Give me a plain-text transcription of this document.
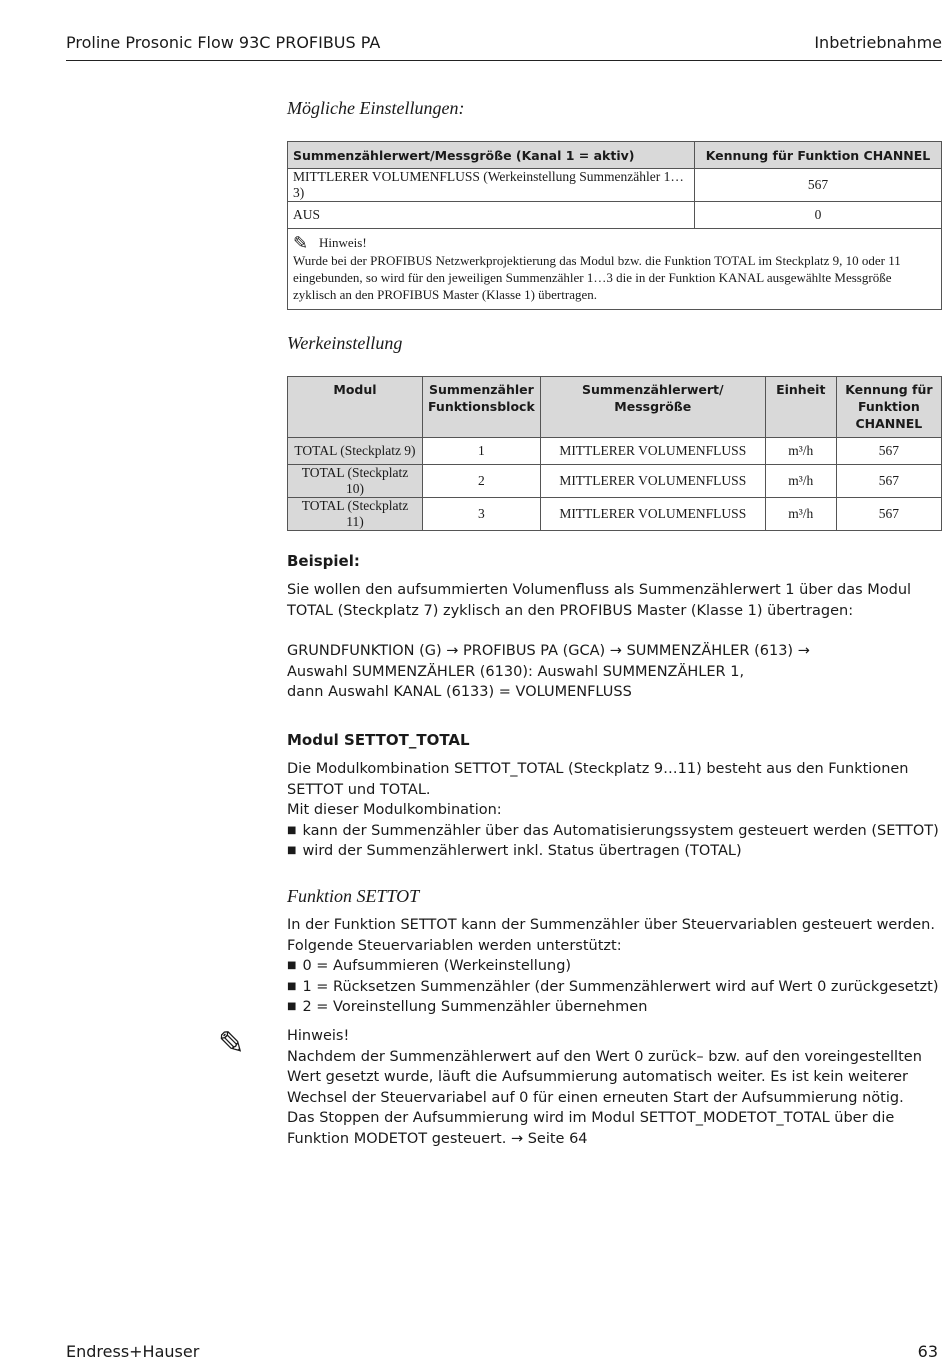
Proline Prosonic Flow 93C PROFIBUS PA	Inbetriebnahme
Mögliche Einstellungen:
Summenzählerwert/Messgröße (Kanal 1 = aktiv)	Kennung für Funktion CHANNEL
MITTLERER VOLUMENFLUSS (Werkeinstellung Summenzähler 1…3)	567
AUS	0

✎ Hinweis!
Wurde bei der PROFIBUS Netzwerkprojektierung das Modul bzw. die Funktion TOTAL im Steckplatz 9, 10 oder 11 eingebunden, so wird für den jeweiligen Summenzähler 1…3 die in der Funktion KANAL ausgewählte Messgröße zyklisch an den PROFIBUS Master (Klasse 1) übertragen.	
Werkeinstellung
Modul	Summenzähler Funktionsblock	Summenzählerwert/ Messgröße	Einheit	Kennung für Funktion CHANNEL
TOTAL (Steckplatz 9)	1	MITTLERER VOLUMENFLUSS	m³/h	567
TOTAL (Steckplatz 10)	2	MITTLERER VOLUMENFLUSS	m³/h	567
TOTAL (Steckplatz 11)	3	MITTLERER VOLUMENFLUSS	m³/h	567
Beispiel:

Sie wollen den aufsummierten Volumenfluss als Summenzählerwert 1 über das Modul TOTAL (Steckplatz 7) zyklisch an den PROFIBUS Master (Klasse 1) übertragen:

GRUNDFUNKTION (G) → PROFIBUS PA (GCA) → SUMMENZÄHLER (613) →

Auswahl SUMMENZÄHLER (6130): Auswahl SUMMENZÄHLER 1,

dann Auswahl KANAL (6133) = VOLUMENFLUSS

Modul SETTOT_TOTAL

Die Modulkombination SETTOT_TOTAL (Steckplatz 9…11) besteht aus den Funktionen SETTOT und TOTAL.

Mit dieser Modulkombination:

■ kann der Summenzähler über das Automatisierungssystem gesteuert werden (SETTOT)

■ wird der Summenzählerwert inkl. Status übertragen (TOTAL)

Funktion SETTOT

In der Funktion SETTOT kann der Summenzähler über Steuervariablen gesteuert werden.

Folgende Steuervariablen werden unterstützt:

■ 0 = Aufsummieren (Werkeinstellung)

■ 1 = Rücksetzen Summenzähler (der Summenzählerwert wird auf Wert 0 zurückgesetzt)

■ 2 = Voreinstellung Summenzähler übernehmen

✎	Hinweis!

Nachdem der Summenzählerwert auf den Wert 0 zurück– bzw. auf den voreingestellten Wert gesetzt wurde, läuft die Aufsummierung automatisch weiter. Es ist kein weiterer Wechsel der Steuervariabel auf 0 für einen erneuten Start der Aufsummierung nötig.

Das Stoppen der Aufsummierung wird im Modul SETTOT_MODETOT_TOTAL über die Funktion MODETOT gesteuert. → Seite 64

Endress+Hauser	63
